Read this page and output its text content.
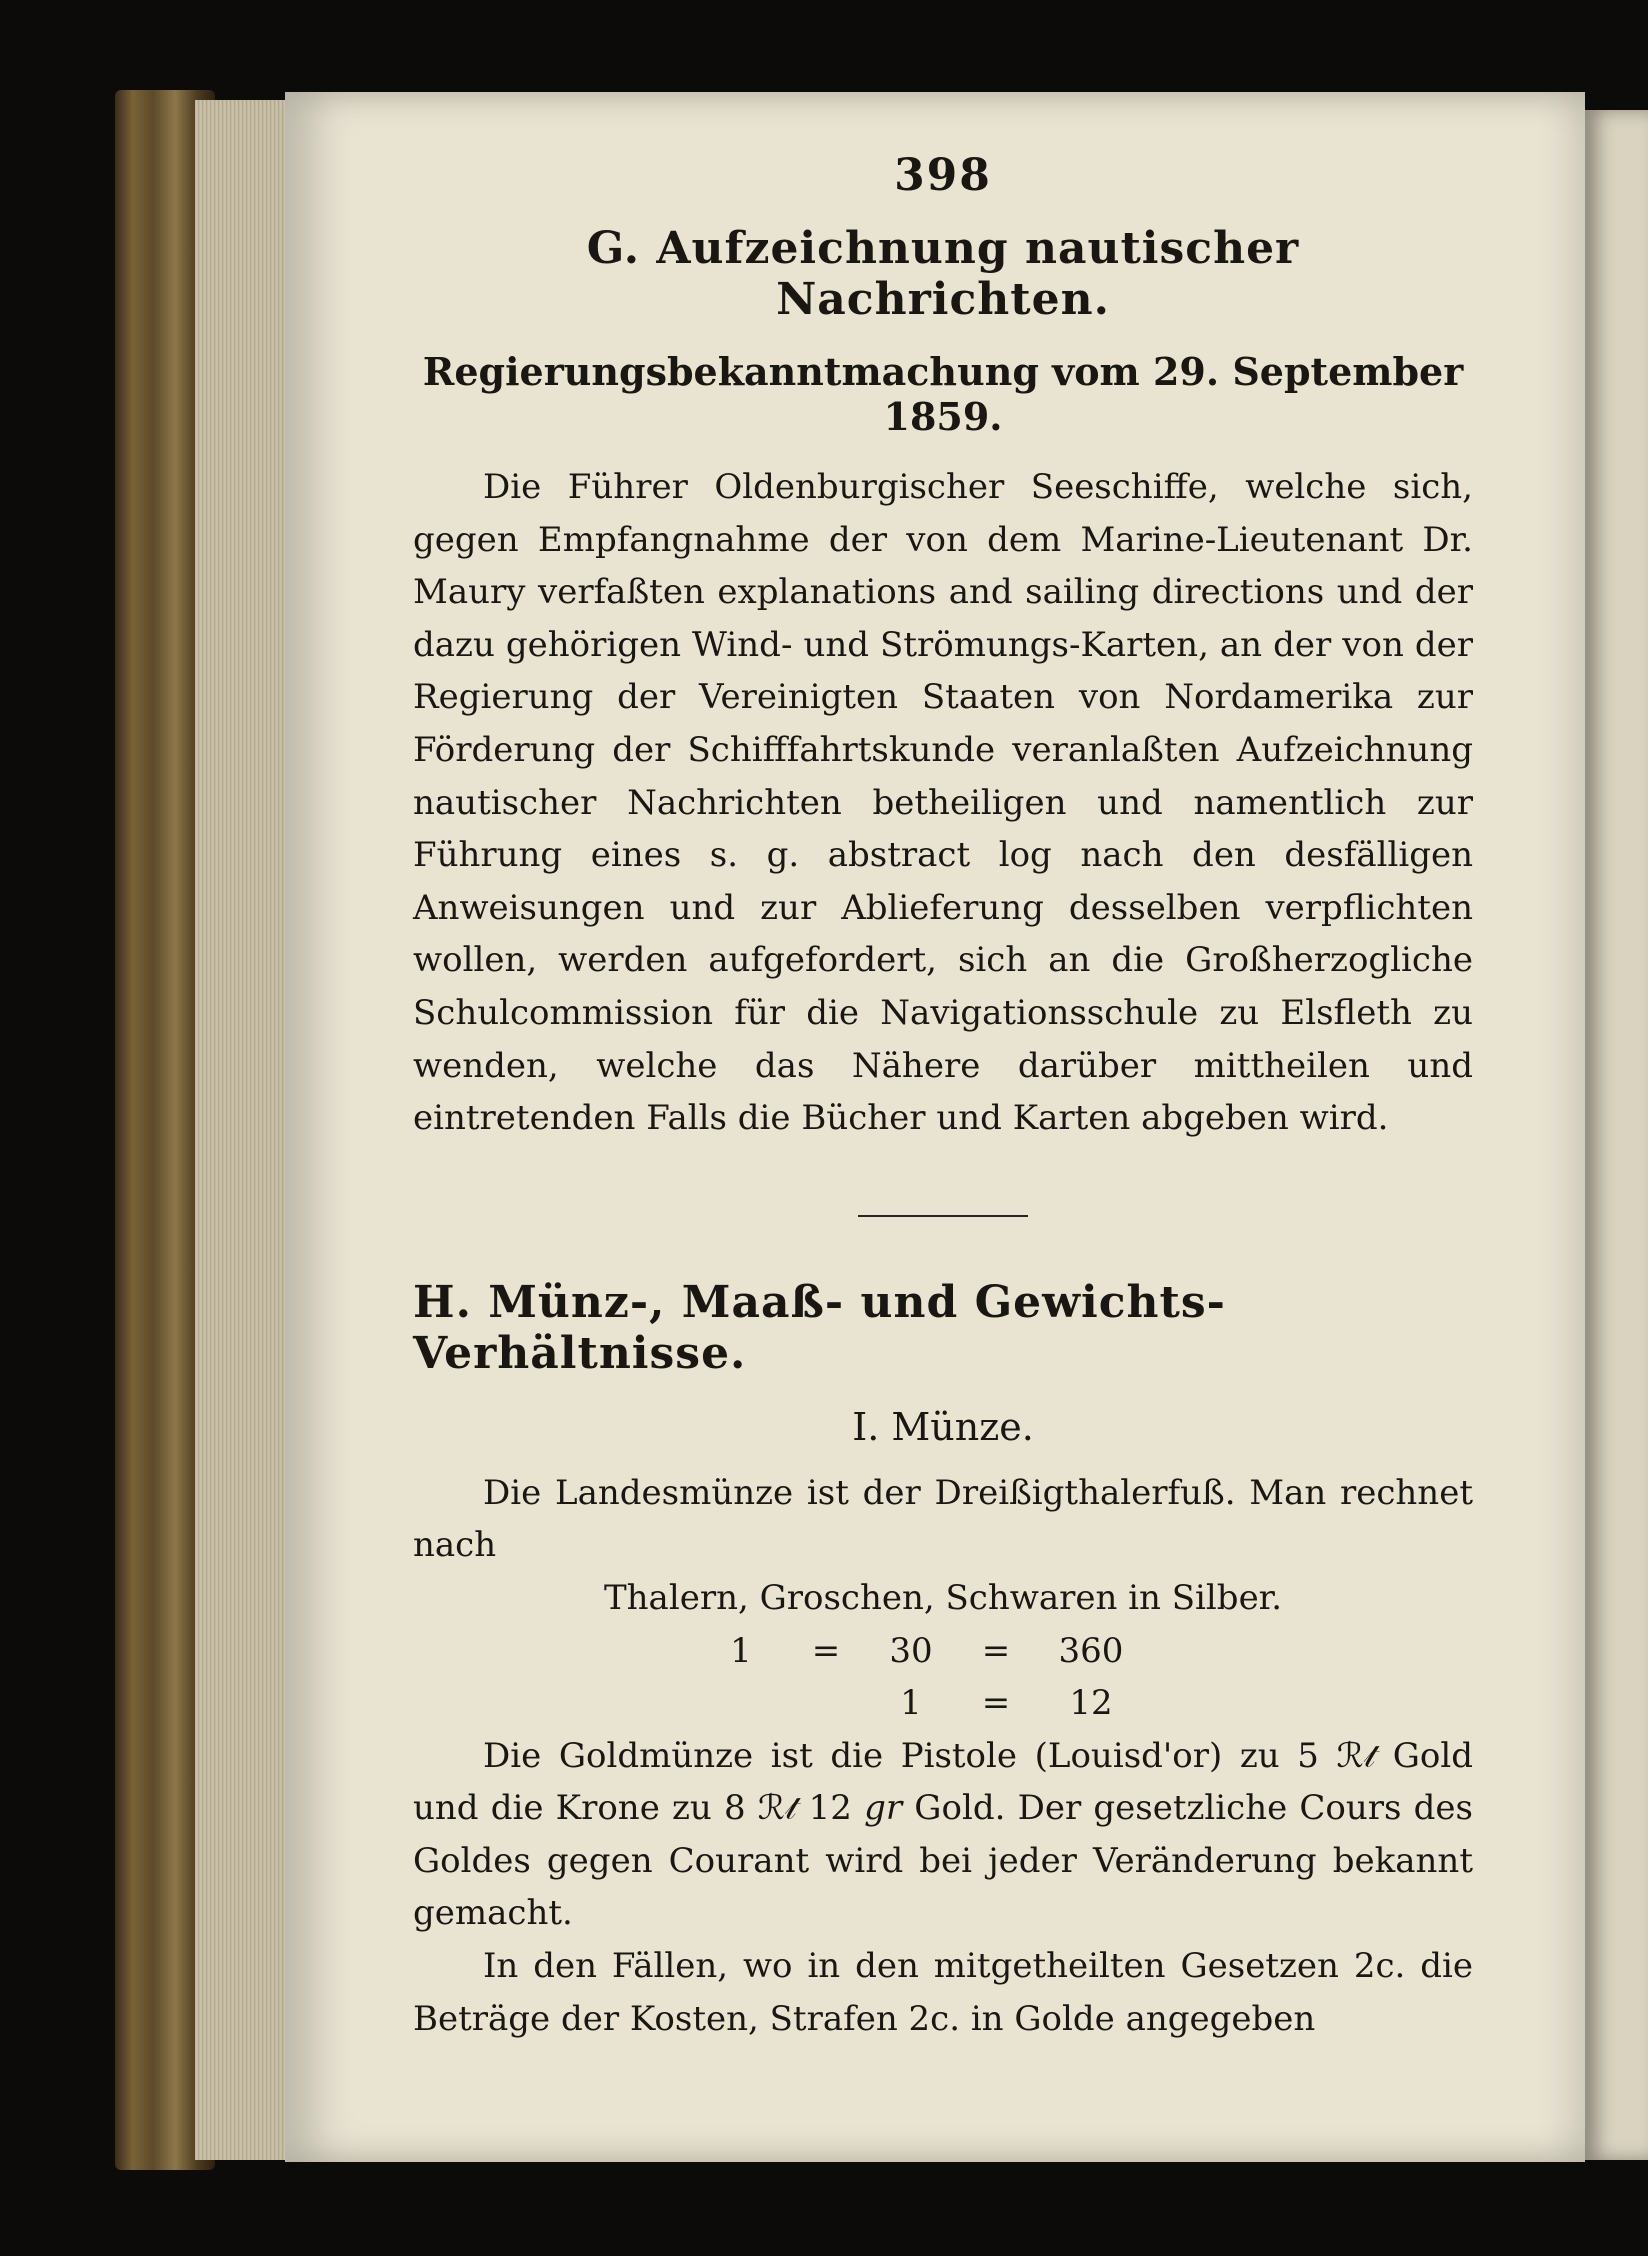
398
G. Aufzeichnung nautischer Nachrichten.
Regierungsbekanntmachung vom 29. September 1859.

Die Führer Oldenburgischer Seeschiffe, welche sich, gegen Empfangnahme der von dem Marine-Lieutenant Dr. Maury verfaßten explanations and sailing directions und der dazu gehörigen Wind- und Strömungs-Karten, an der von der Regierung der Vereinigten Staaten von Nordamerika zur Förderung der Schifffahrtskunde veranlaßten Aufzeichnung nautischer Nachrichten betheiligen und namentlich zur Führung eines s. g. abstract log nach den desfälligen Anweisungen und zur Ablieferung desselben verpflichten wollen, werden aufgefordert, sich an die Großherzogliche Schulcommission für die Navigationsschule zu Elsfleth zu wenden, welche das Nähere darüber mittheilen und eintretenden Falls die Bücher und Karten abgeben wird.

H. Münz-, Maaß- und Gewichts-Verhältnisse.
I. Münze.

Die Landesmünze ist der Dreißigthalerfuß. Man rechnet nach

Thalern, Groschen, Schwaren in Silber.
1	=	30	=	360
1	=	12

Die Goldmünze ist die Pistole (Louisd'or) zu 5 ℛ𝓉 Gold und die Krone zu 8 ℛ𝓉 12 𝑔𝑟 Gold. Der gesetzliche Cours des Goldes gegen Courant wird bei jeder Veränderung bekannt gemacht.

In den Fällen, wo in den mitgetheilten Gesetzen 2c. die Beträge der Kosten, Strafen 2c. in Golde angegeben
